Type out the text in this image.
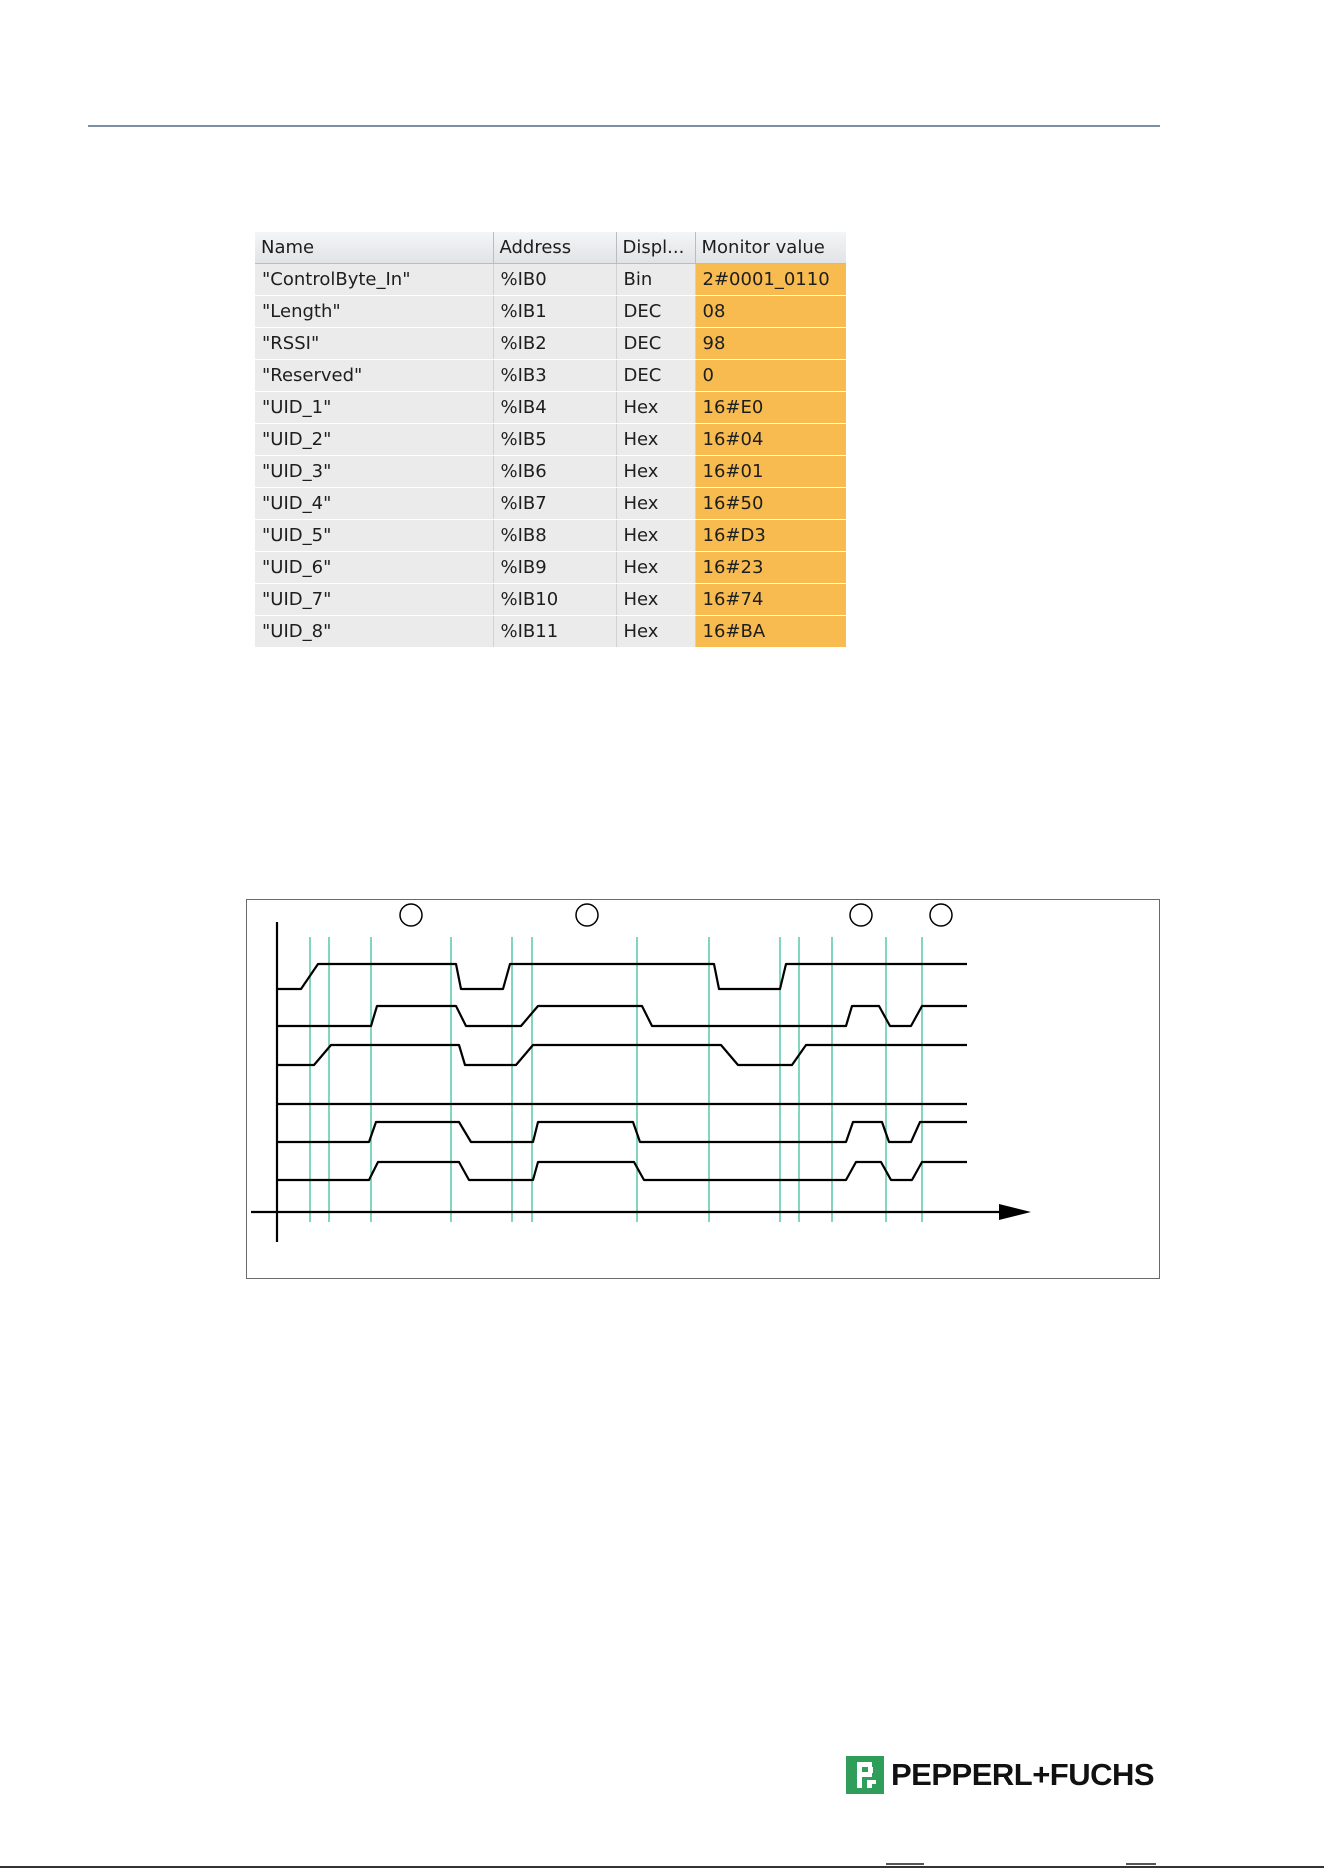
Name	Address	Displ...	Monitor value
"ControlByte_In"	%IB0	Bin	2#0001_0110
"Length"	%IB1	DEC	08
"RSSI"	%IB2	DEC	98
"Reserved"	%IB3	DEC	0
"UID_1"	%IB4	Hex	16#E0
"UID_2"	%IB5	Hex	16#04
"UID_3"	%IB6	Hex	16#01
"UID_4"	%IB7	Hex	16#50
"UID_5"	%IB8	Hex	16#D3
"UID_6"	%IB9	Hex	16#23
"UID_7"	%IB10	Hex	16#74
"UID_8"	%IB11	Hex	16#BA
PEPPERL+FUCHS
